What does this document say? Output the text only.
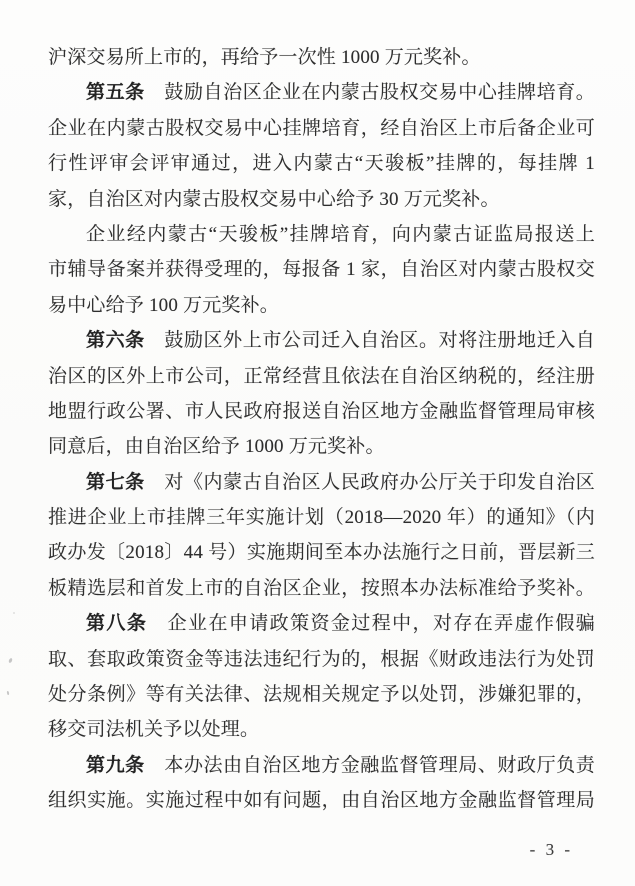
沪深交易所上市的，再给予一次性 1000 万元奖补。
第五条　鼓励自治区企业在内蒙古股权交易中心挂牌培育。
企业在内蒙古股权交易中心挂牌培育，经自治区上市后备企业可
行性评审会评审通过，进入内蒙古“天骏板”挂牌的，每挂牌 1
家，自治区对内蒙古股权交易中心给予 30 万元奖补。
企业经内蒙古“天骏板”挂牌培育，向内蒙古证监局报送上
市辅导备案并获得受理的，每报备 1 家，自治区对内蒙古股权交
易中心给予 100 万元奖补。
第六条　鼓励区外上市公司迁入自治区。对将注册地迁入自
治区的区外上市公司，正常经营且依法在自治区纳税的，经注册
地盟行政公署、市人民政府报送自治区地方金融监督管理局审核
同意后，由自治区给予 1000 万元奖补。
第七条　对《内蒙古自治区人民政府办公厅关于印发自治区
推进企业上市挂牌三年实施计划（2018—2020 年）的通知》（内
政办发〔2018〕44 号）实施期间至本办法施行之日前，晋层新三
板精选层和首发上市的自治区企业，按照本办法标准给予奖补。
第八条　企业在申请政策资金过程中，对存在弄虚作假骗
取、套取政策资金等违法违纪行为的，根据《财政违法行为处罚
处分条例》等有关法律、法规相关规定予以处罚，涉嫌犯罪的，
移交司法机关予以处理。
第九条　本办法由自治区地方金融监督管理局、财政厅负责
组织实施。实施过程中如有问题，由自治区地方金融监督管理局
- 3 -
